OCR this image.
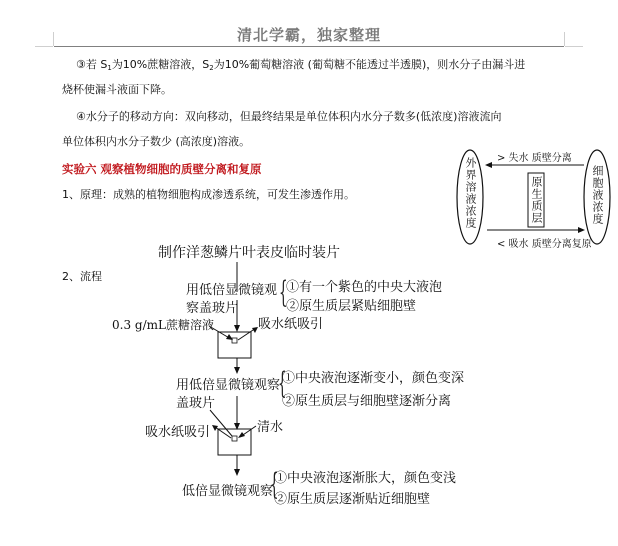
清北学霸，独家整理
③若 $S_1$为10%蔗糖溶液，$S_2$为10%葡萄糖溶液 (葡萄糖不能透过半透膜)，则水分子由漏斗进
烧杯使漏斗液面下降。
④水分子的移动方向：双向移动，但最终结果是单位体积内水分子数多(低浓度)溶液流向
单位体积内水分子数少 (高浓度)溶液。
实验六 观察植物细胞的质壁分离和复原
1、原理：成熟的植物细胞构成渗透系统，可发生渗透作用。
2、流程
> 失水 质壁分离
< 吸水 质壁分离复原
外界溶液浓度	细胞液浓度
原生质层
制作洋葱鳞片叶表皮临时装片
用低倍显微镜观
察盖玻片 {
①有一个紫色的中央大液泡
②原生质层紧贴细胞壁
0.3 g/mL蔗糖溶液	吸水纸吸引
用低倍显微镜观察
盖玻片
{
①中央液泡逐渐变小，颜色变深
②原生质层与细胞壁逐渐分离
吸水纸吸引	清水
低倍显微镜观察
{
①中央液泡逐渐胀大，颜色变浅
②原生质层逐渐贴近细胞壁
